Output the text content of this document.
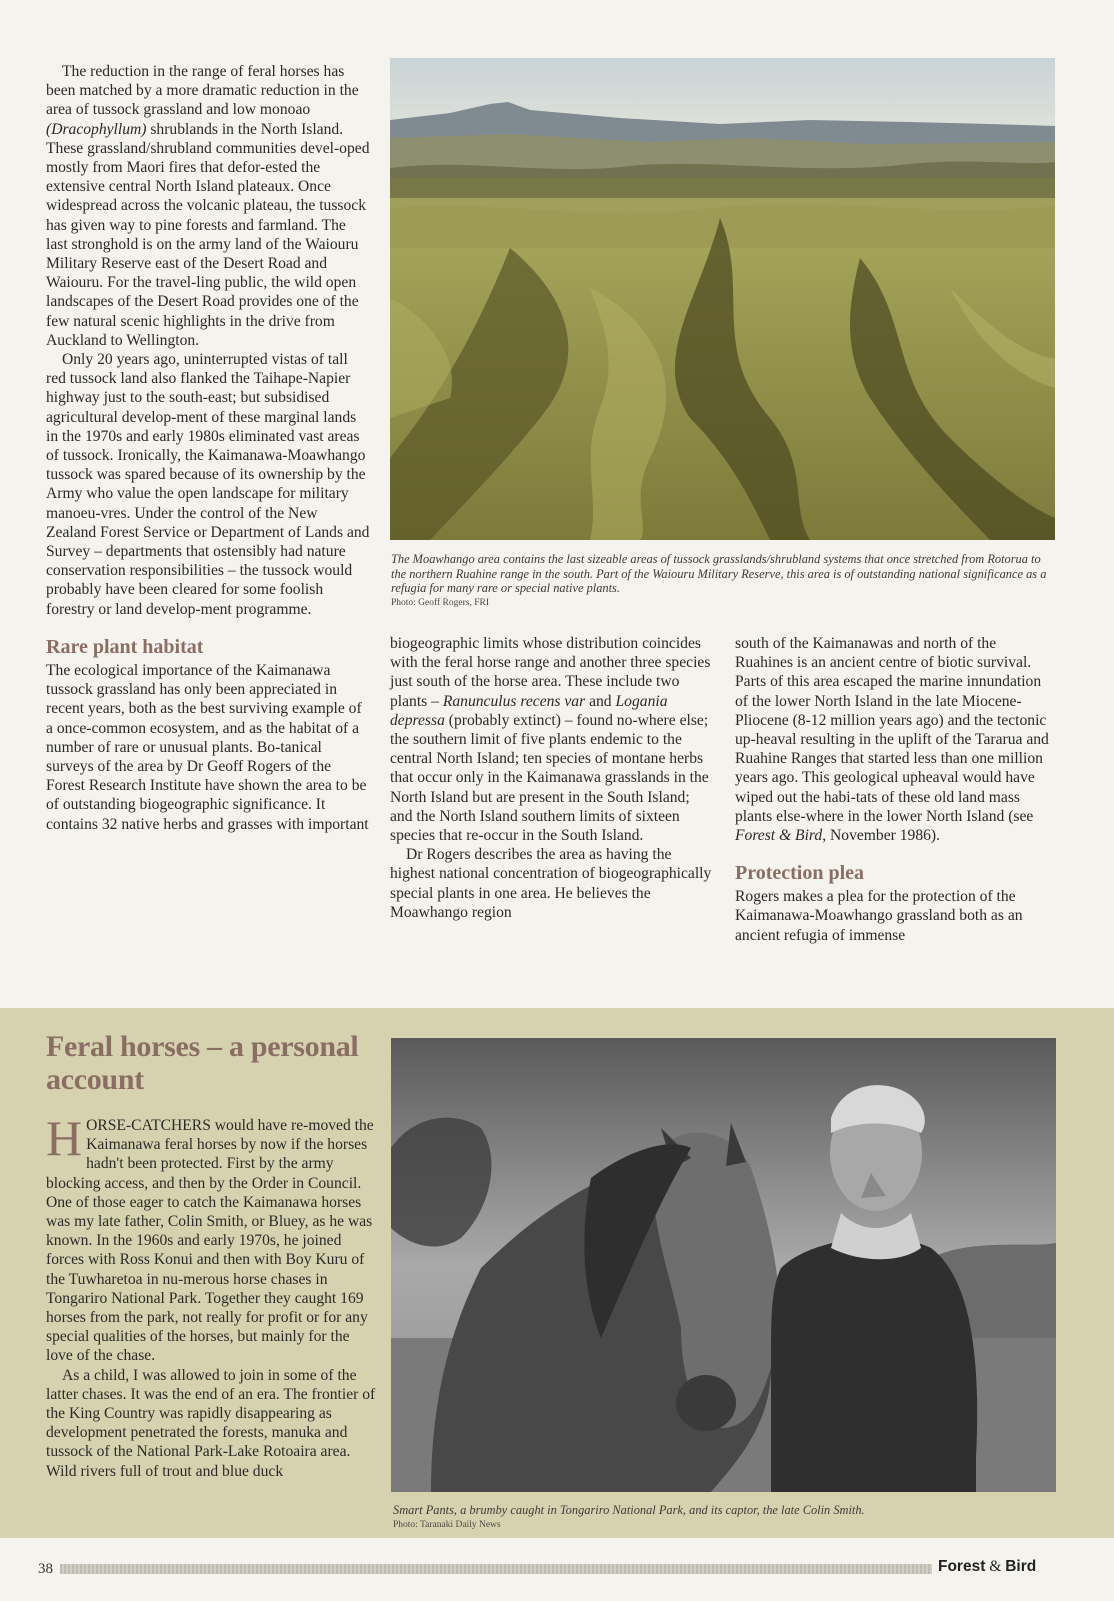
The reduction in the range of feral horses has been matched by a more dramatic reduction in the area of tussock grassland and low monoao (Dracophyllum) shrublands in the North Island. These grassland/shrubland communities devel-oped mostly from Maori fires that defor-ested the extensive central North Island plateaux. Once widespread across the volcanic plateau, the tussock has given way to pine forests and farmland. The last stronghold is on the army land of the Waiouru Military Reserve east of the Desert Road and Waiouru. For the travel-ling public, the wild open landscapes of the Desert Road provides one of the few natural scenic highlights in the drive from Auckland to Wellington.

Only 20 years ago, uninterrupted vistas of tall red tussock land also flanked the Taihape-Napier highway just to the south-east; but subsidised agricultural develop-ment of these marginal lands in the 1970s and early 1980s eliminated vast areas of tussock. Ironically, the Kaimanawa-Moawhango tussock was spared because of its ownership by the Army who value the open landscape for military manoeu-vres. Under the control of the New Zealand Forest Service or Department of Lands and Survey – departments that ostensibly had nature conservation responsibilities – the tussock would probably have been cleared for some foolish forestry or land develop-ment programme.

Rare plant habitat

The ecological importance of the Kaimanawa tussock grassland has only been appreciated in recent years, both as the best surviving example of a once-common ecosystem, and as the habitat of a number of rare or unusual plants. Bo-tanical surveys of the area by Dr Geoff Rogers of the Forest Research Institute have shown the area to be of outstanding biogeographic significance. It contains 32 native herbs and grasses with important

The Moawhango area contains the last sizeable areas of tussock grasslands/shrubland systems that once stretched from Rotorua to the northern Ruahine range in the south. Part of the Waiouru Military Reserve, this area is of outstanding national significance as a refugia for many rare or special native plants.
Photo: Geoff Rogers, FRI

biogeographic limits whose distribution coincides with the feral horse range and another three species just south of the horse area. These include two plants – Ranunculus recens var and Logania depressa (probably extinct) – found no-where else; the southern limit of five plants endemic to the central North Island; ten species of montane herbs that occur only in the Kaimanawa grasslands in the North Island but are present in the South Island; and the North Island southern limits of sixteen species that re-occur in the South Island.

Dr Rogers describes the area as having the highest national concentration of biogeographically special plants in one area. He believes the Moawhango region

south of the Kaimanawas and north of the Ruahines is an ancient centre of biotic survival. Parts of this area escaped the marine innundation of the lower North Island in the late Miocene-Pliocene (8-12 million years ago) and the tectonic up-heaval resulting in the uplift of the Tararua and Ruahine Ranges that started less than one million years ago. This geological upheaval would have wiped out the habi-tats of these old land mass plants else-where in the lower North Island (see Forest & Bird, November 1986).

Protection plea

Rogers makes a plea for the protection of the Kaimanawa-Moawhango grassland both as an ancient refugia of immense

Feral horses – a personal account

HORSE-CATCHERS would have re-moved the Kaimanawa feral horses by now if the horses hadn't been protected. First by the army blocking access, and then by the Order in Council. One of those eager to catch the Kaimanawa horses was my late father, Colin Smith, or Bluey, as he was known. In the 1960s and early 1970s, he joined forces with Ross Konui and then with Boy Kuru of the Tuwharetoa in nu-merous horse chases in Tongariro National Park. Together they caught 169 horses from the park, not really for profit or for any special qualities of the horses, but mainly for the love of the chase.

As a child, I was allowed to join in some of the latter chases. It was the end of an era. The frontier of the King Country was rapidly disappearing as development penetrated the forests, manuka and tussock of the National Park-Lake Rotoaira area. Wild rivers full of trout and blue duck

Smart Pants, a brumby caught in Tongariro National Park, and its captor, the late Colin Smith.
Photo: Taranaki Daily News
38	Forest & Bird
